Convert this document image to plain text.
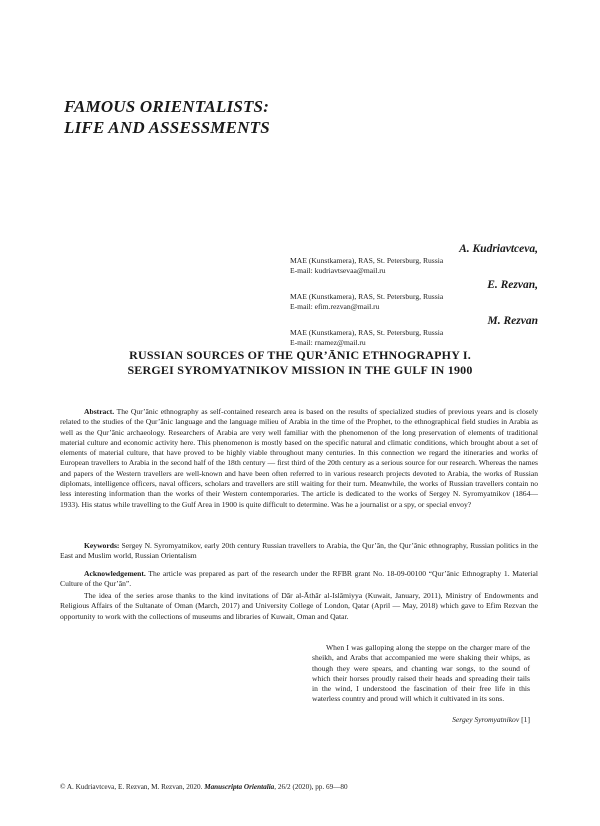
FAMOUS ORIENTALISTS:
LIFE AND ASSESSMENTS
A. Kudriavtceva,
MAE (Kunstkamera), RAS, St. Petersburg, Russia
E-mail: kudriavtsevaa@mail.ru
E. Rezvan,
MAE (Kunstkamera), RAS, St. Petersburg, Russia
E-mail: efim.rezvan@mail.ru
M. Rezvan
MAE (Kunstkamera), RAS, St. Petersburg, Russia
E-mail: rnamez@mail.ru
RUSSIAN SOURCES OF THE QUR’ĀNIC ETHNOGRAPHY I.
SERGEI SYROMYATNIKOV MISSION IN THE GULF IN 1900

Abstract. The Qur’ānic ethnography as self-contained research area is based on the results of specialized studies of previous years and is closely related to the studies of the Qur’ānic language and the language milieu of Arabia in the time of the Prophet, to the ethnographical field studies in Arabia as well as the Qur’ānic archaeology. Researchers of Arabia are very well familiar with the phenomenon of the long preservation of elements of traditional material culture and economic activity here. This phenomenon is mostly based on the specific natural and climatic conditions, which brought about a set of elements of material culture, that have proved to be highly viable throughout many centuries. In this connection we regard the itineraries and works of European travellers to Arabia in the second half of the 18th century — first third of the 20th century as a serious source for our research. Whereas the names and papers of the Western travellers are well-known and have been often referred to in various research projects devoted to Arabia, the works of Russian diplomats, intelligence officers, naval officers, scholars and travellers are still waiting for their turn. Meanwhile, the works of Russian travellers contain no less interesting information than the works of their Western contemporaries. The article is dedicated to the works of Sergey N. Syromyatnikov (1864—1933). His status while travelling to the Gulf Area in 1900 is quite difficult to determine. Was he a journalist or a spy, or special envoy?

Keywords: Sergey N. Syromyatnikov, early 20th century Russian travellers to Arabia, the Qur’ān, the Qur’ānic ethnography, Russian politics in the East and Muslim world, Russian Orientalism

Acknowledgement. The article was prepared as part of the research under the RFBR grant No. 18-09-00100 “Qur’ānic Ethnography 1. Material Culture of the Qur’ān”.

The idea of the series arose thanks to the kind invitations of Dār al-Āthār al-Islāmiyya (Kuwait, January, 2011), Ministry of Endowments and Religious Affairs of the Sultanate of Oman (March, 2017) and University College of London, Qatar (April — May, 2018) which gave to Efim Rezvan the opportunity to work with the collections of museums and libraries of Kuwait, Oman and Qatar.

When I was galloping along the steppe on the charger mare of the sheikh, and Arabs that accompanied me were shaking their whips, as though they were spears, and chanting war songs, to the sound of which their horses proudly raised their heads and spreading their tails in the wind, I understood the fascination of their free life in this waterless country and proud will which it cultivated in its sons.

Sergey Syromyatnikov [1]
© A. Kudriavtceva, E. Rezvan, M. Rezvan, 2020. Manuscripta Orientalia, 26/2 (2020), pp. 69—80
